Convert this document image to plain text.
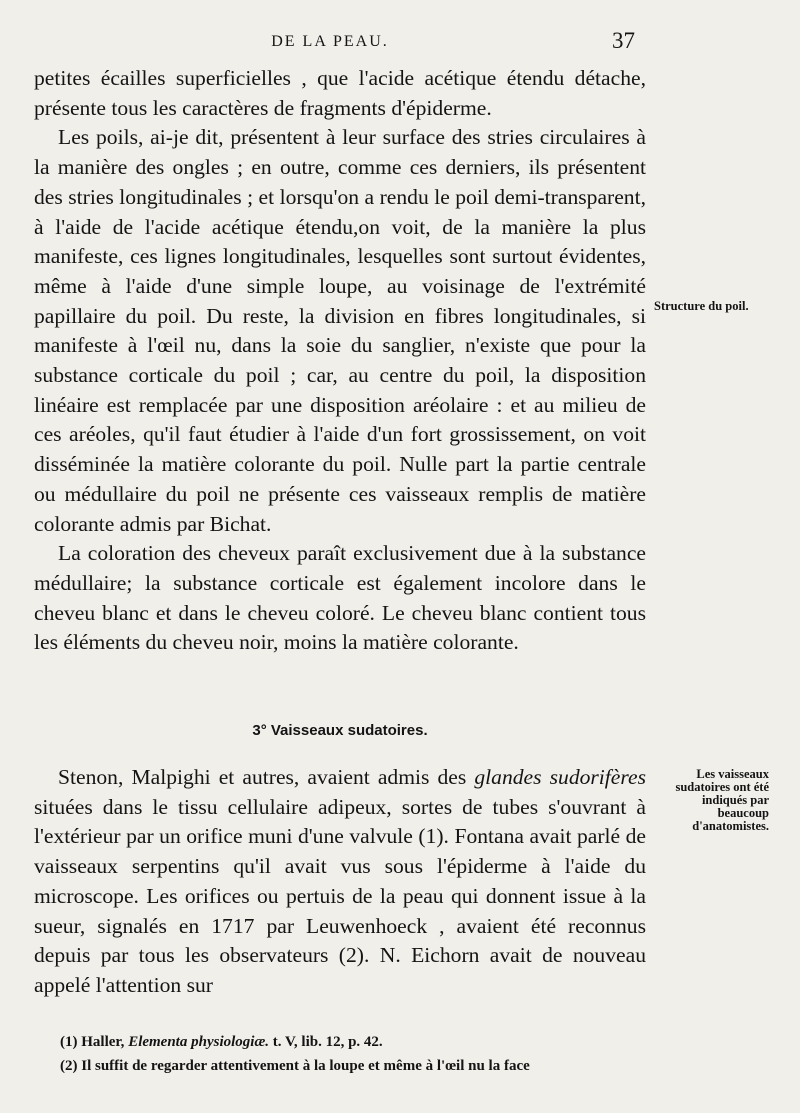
DE LA PEAU.	37

petites écailles superficielles , que l'acide acétique étendu détache, présente tous les caractères de fragments d'épiderme.

Les poils, ai-je dit, présentent à leur surface des stries circulaires à la manière des ongles ; en outre, comme ces derniers, ils présentent des stries longitudinales ; et lorsqu'on a rendu le poil demi-transparent, à l'aide de l'acide acétique étendu,on voit, de la manière la plus manifeste, ces lignes longitudinales, lesquelles sont surtout évidentes, même à l'aide d'une simple loupe, au voisinage de l'extrémité papillaire du poil. Du reste, la division en fibres longitudinales, si manifeste à l'œil nu, dans la soie du sanglier, n'existe que pour la substance corticale du poil ; car, au centre du poil, la disposition linéaire est remplacée par une disposition aréolaire : et au milieu de ces aréoles, qu'il faut étudier à l'aide d'un fort grossissement, on voit disséminée la matière colorante du poil. Nulle part la partie centrale ou médullaire du poil ne présente ces vaisseaux remplis de matière colorante admis par Bichat.

La coloration des cheveux paraît exclusivement due à la substance médullaire; la substance corticale est également incolore dans le cheveu blanc et dans le cheveu coloré. Le cheveu blanc contient tous les éléments du cheveu noir, moins la matière colorante.

Structure du poil.
3° Vaisseaux sudatoires.

Stenon, Malpighi et autres, avaient admis des glandes sudorifères situées dans le tissu cellulaire adipeux, sortes de tubes s'ouvrant à l'extérieur par un orifice muni d'une valvule (1). Fontana avait parlé de vaisseaux serpentins qu'il avait vus sous l'épiderme à l'aide du microscope. Les orifices ou pertuis de la peau qui donnent issue à la sueur, signalés en 1717 par Leuwenhoeck , avaient été reconnus depuis par tous les observateurs (2). N. Eichorn avait de nouveau appelé l'attention sur

Les vaisseaux sudatoires ont été indiqués par beaucoup d'anatomistes.
(1) Haller, Elementa physiologiæ. t. V, lib. 12, p. 42.
(2) Il suffit de regarder attentivement à la loupe et même à l'œil nu la face
